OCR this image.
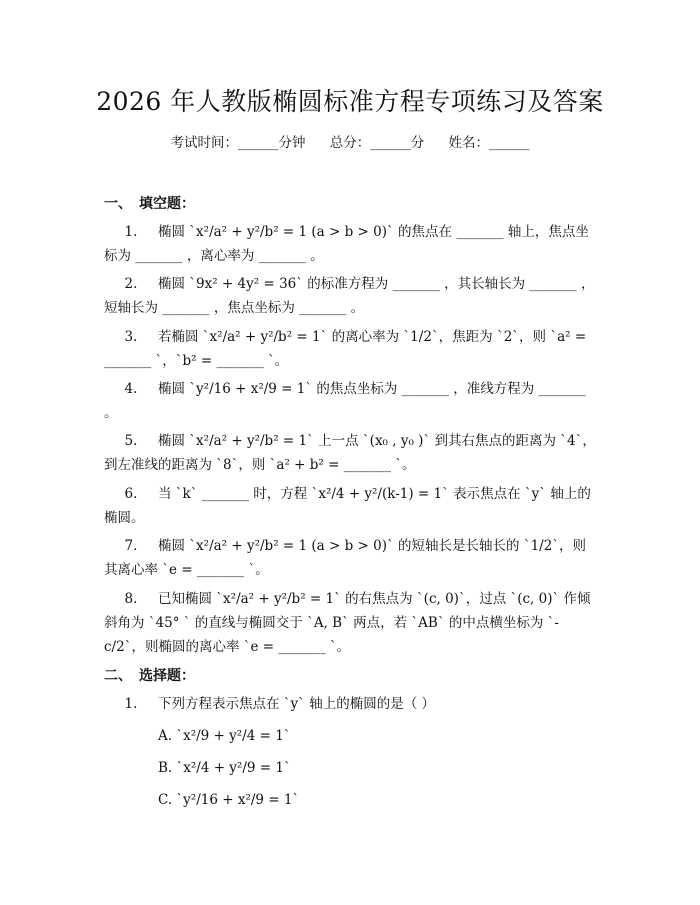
2026 年人教版椭圆标准方程专项练习及答案
考试时间：______分钟 总分：______分 姓名：______
一、　填空题：
1. 椭圆 `x²/a² + y²/b² = 1 (a > b > 0)` 的焦点在 _______ 轴上，焦点坐标为 _______ ，离心率为 _______ 。
2. 椭圆 `9x² + 4y² = 36` 的标准方程为 _______ ，其长轴长为 _______ ，短轴长为 _______ ，焦点坐标为 _______ 。
3. 若椭圆 `x²/a² + y²/b² = 1` 的离心率为 `1/2`，焦距为 `2`，则 `a² = _______ `，`b² = _______ `。
4. 椭圆 `y²/16 + x²/9 = 1` 的焦点坐标为 _______ ，准线方程为 _______ 。
5. 椭圆 `x²/a² + y²/b² = 1` 上一点 `(x₀ , y₀ )` 到其右焦点的距离为 `4`，到左准线的距离为 `8`，则 `a² + b² = _______ `。
6. 当 `k` _______ 时，方程 `x²/4 + y²/(k-1) = 1` 表示焦点在 `y` 轴上的椭圆。
7. 椭圆 `x²/a² + y²/b² = 1 (a > b > 0)` 的短轴长是长轴长的 `1/2`，则其离心率 `e = _______ `。
8. 已知椭圆 `x²/a² + y²/b² = 1` 的右焦点为 `(c, 0)`，过点 `(c, 0)` 作倾斜角为 `45° ` 的直线与椭圆交于 `A, B` 两点，若 `AB` 的中点横坐标为 `-c/2`，则椭圆的离心率 `e = _______ `。
二、　选择题：
1. 下列方程表示焦点在 `y` 轴上的椭圆的是（ ）
A. `x²/9 + y²/4 = 1`
B. `x²/4 + y²/9 = 1`
C. `y²/16 + x²/9 = 1`
